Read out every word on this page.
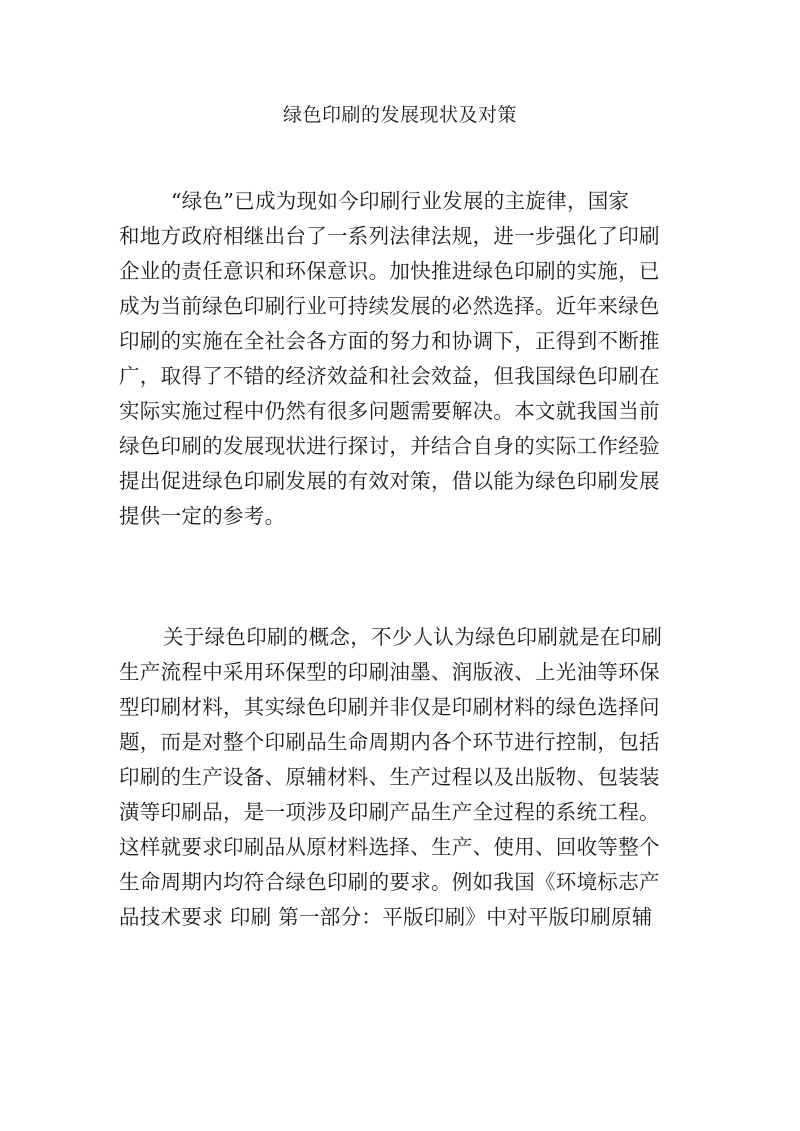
绿色印刷的发展现状及对策
“绿色”已成为现如今印刷行业发展的主旋律，国家
和地方政府相继出台了一系列法律法规，进一步强化了印刷
企业的责任意识和环保意识。加快推进绿色印刷的实施，已
成为当前绿色印刷行业可持续发展的必然选择。近年来绿色
印刷的实施在全社会各方面的努力和协调下，正得到不断推
广，取得了不错的经济效益和社会效益，但我国绿色印刷在
实际实施过程中仍然有很多问题需要解决。本文就我国当前
绿色印刷的发展现状进行探讨，并结合自身的实际工作经验
提出促进绿色印刷发展的有效对策，借以能为绿色印刷发展
提供一定的参考。
关于绿色印刷的概念，不少人认为绿色印刷就是在印刷
生产流程中采用环保型的印刷油墨、润版液、上光油等环保
型印刷材料，其实绿色印刷并非仅是印刷材料的绿色选择问
题，而是对整个印刷品生命周期内各个环节进行控制，包括
印刷的生产设备、原辅材料、生产过程以及出版物、包装装
潢等印刷品，是一项涉及印刷产品生产全过程的系统工程。
这样就要求印刷品从原材料选择、生产、使用、回收等整个
生命周期内均符合绿色印刷的要求。例如我国《环境标志产
品技术要求 印刷 第一部分：平版印刷》中对平版印刷原辅
